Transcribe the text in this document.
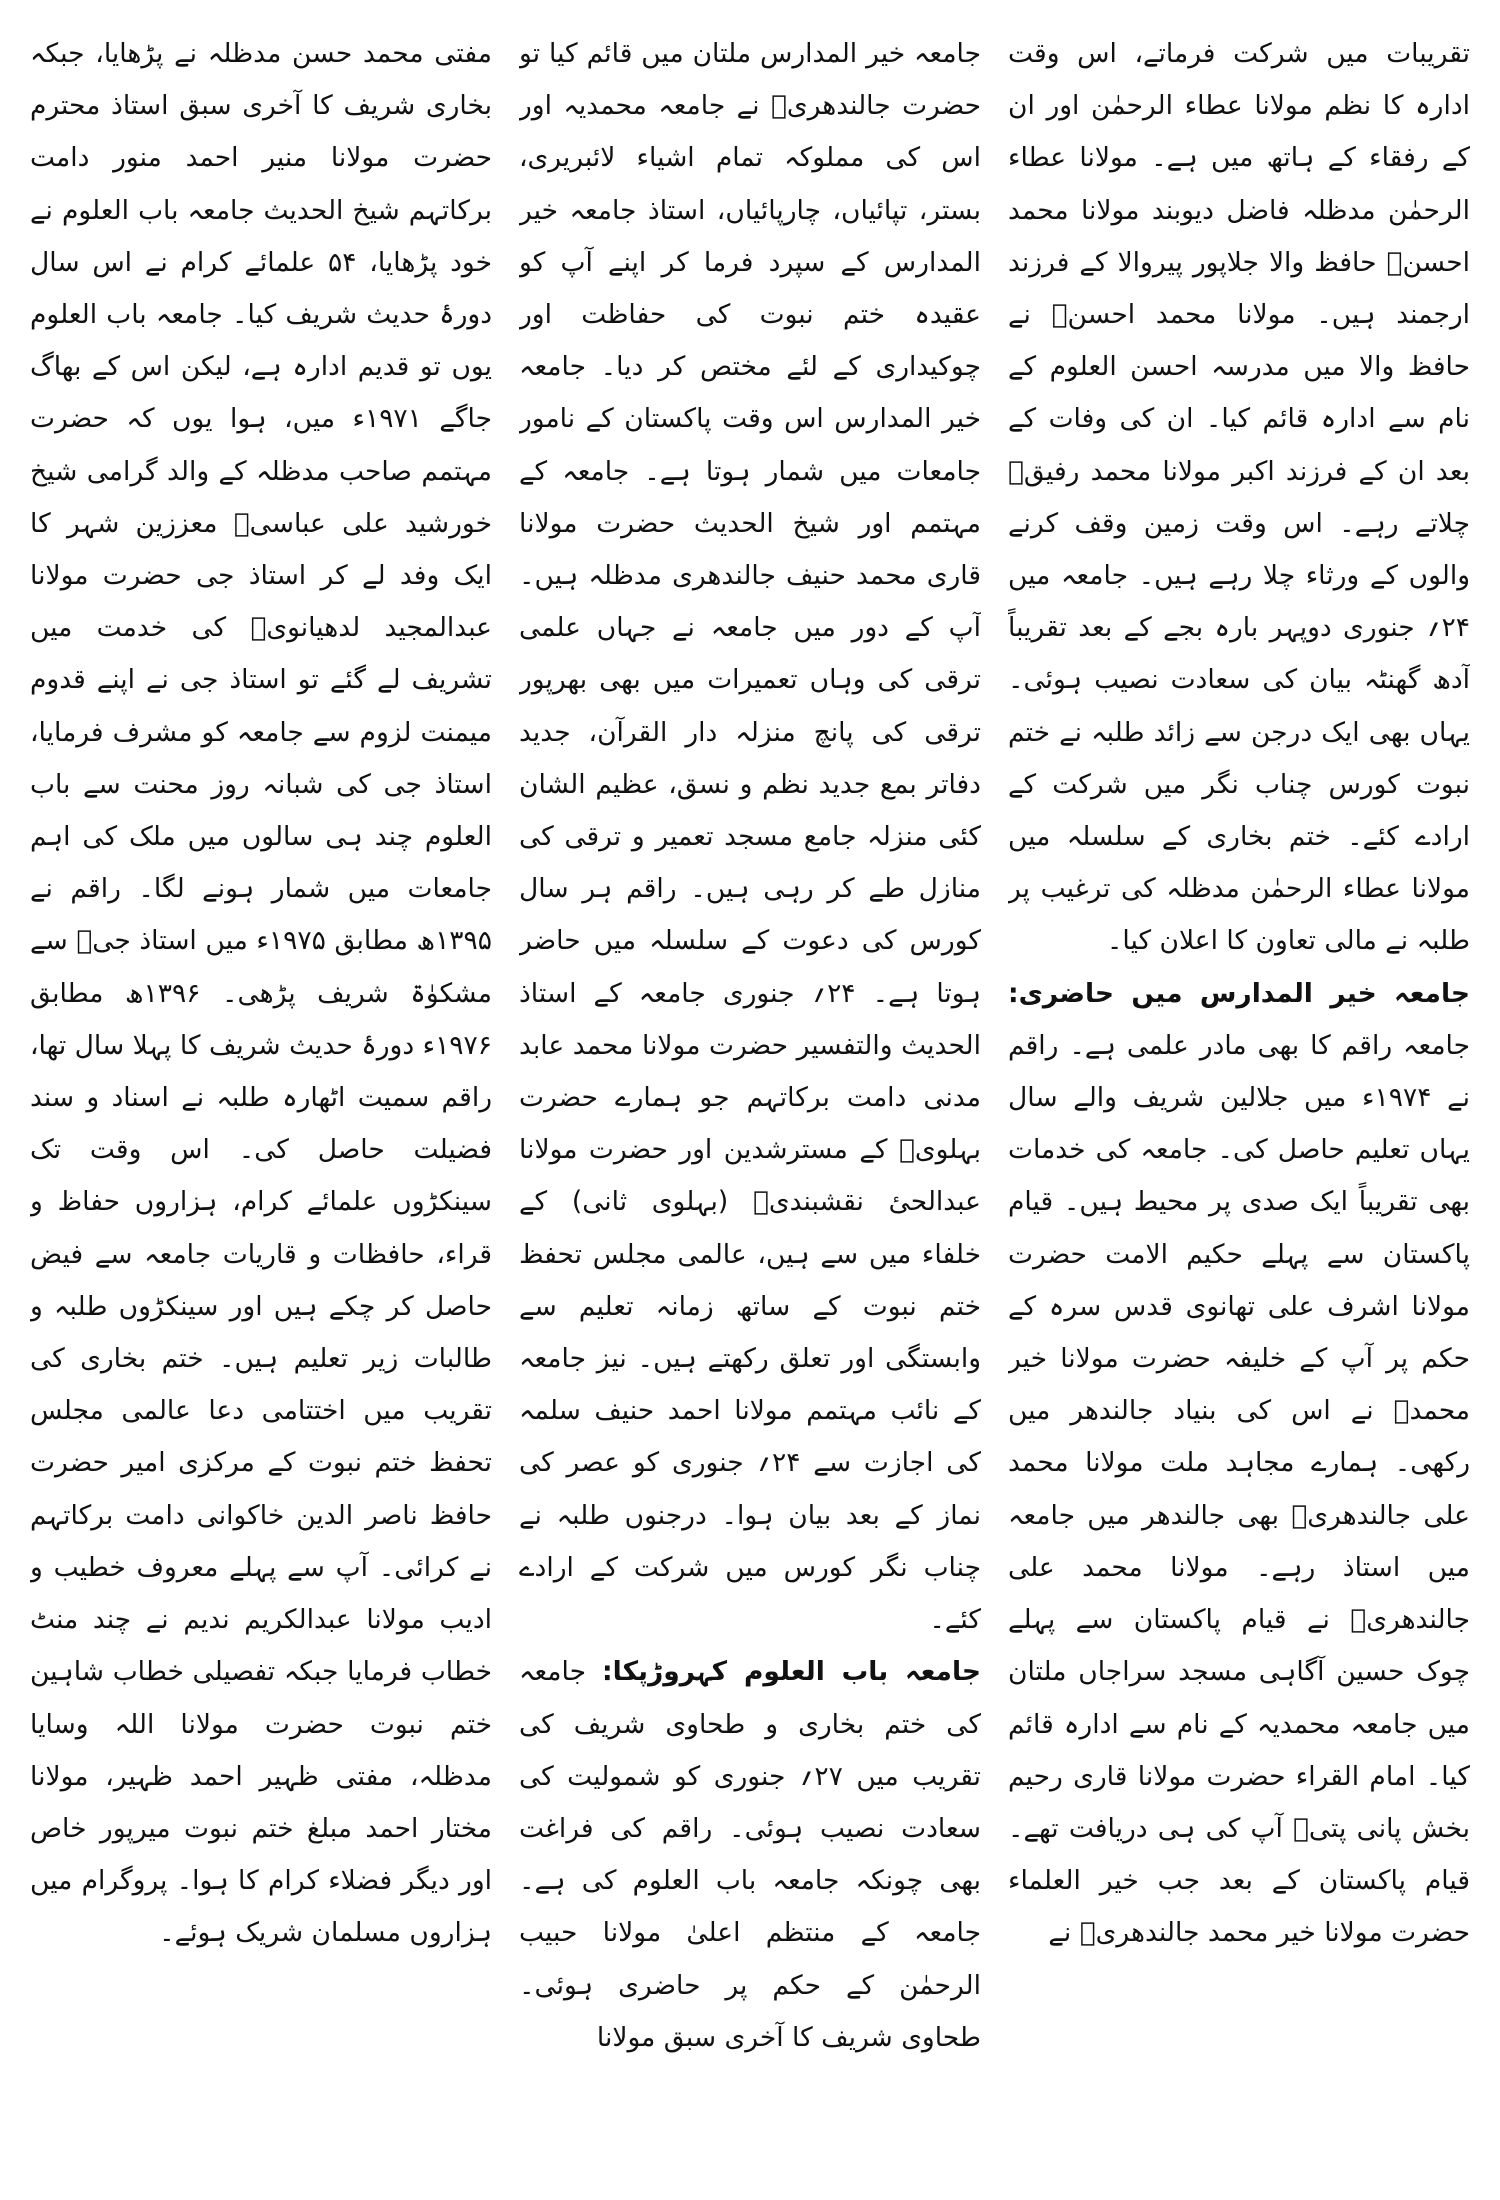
تقریبات میں شرکت فرماتے، اس وقت ادارہ کا نظم مولانا عطاء الرحمٰن اور ان کے رفقاء کے ہاتھ میں ہے۔ مولانا عطاء الرحمٰن مدظلہ فاضل دیوبند مولانا محمد احسنؒ حافظ والا جلاپور پیروالا کے فرزند ارجمند ہیں۔ مولانا محمد احسنؒ نے حافظ والا میں مدرسہ احسن العلوم کے نام سے ادارہ قائم کیا۔ ان کی وفات کے بعد ان کے فرزند اکبر مولانا محمد رفیقؒ چلاتے رہے۔ اس وقت زمین وقف کرنے والوں کے ورثاء چلا رہے ہیں۔ جامعہ میں ۲۴؍ جنوری دوپہر بارہ بجے کے بعد تقریباً آدھ گھنٹہ بیان کی سعادت نصیب ہوئی۔ یہاں بھی ایک درجن سے زائد طلبہ نے ختم نبوت کورس چناب نگر میں شرکت کے ارادے کئے۔ ختم بخاری کے سلسلہ میں مولانا عطاء الرحمٰن مدظلہ کی ترغیب پر طلبہ نے مالی تعاون کا اعلان کیا۔

جامعہ خیر المدارس میں حاضری: جامعہ راقم کا بھی مادر علمی ہے۔ راقم نے ۱۹۷۴ء میں جلالین شریف والے سال یہاں تعلیم حاصل کی۔ جامعہ کی خدمات بھی تقریباً ایک صدی پر محیط ہیں۔ قیام پاکستان سے پہلے حکیم الامت حضرت مولانا اشرف علی تھانوی قدس سرہ کے حکم پر آپ کے خلیفہ حضرت مولانا خیر محمدؒ نے اس کی بنیاد جالندھر میں رکھی۔ ہمارے مجاہد ملت مولانا محمد علی جالندھریؒ بھی جالندھر میں جامعہ میں استاذ رہے۔ مولانا محمد علی جالندھریؒ نے قیام پاکستان سے پہلے چوک حسین آگاہی مسجد سراجاں ملتان میں جامعہ محمدیہ کے نام سے ادارہ قائم کیا۔ امام القراء حضرت مولانا قاری رحیم بخش پانی پتیؒ آپ کی ہی دریافت تھے۔ قیام پاکستان کے بعد جب خیر العلماء حضرت مولانا خیر محمد جالندھریؒ نے

جامعہ خیر المدارس ملتان میں قائم کیا تو حضرت جالندھریؒ نے جامعہ محمدیہ اور اس کی مملوکہ تمام اشیاء لائبریری، بستر، تپائیاں، چارپائیاں، استاذ جامعہ خیر المدارس کے سپرد فرما کر اپنے آپ کو عقیدہ ختم نبوت کی حفاظت اور چوکیداری کے لئے مختص کر دیا۔ جامعہ خیر المدارس اس وقت پاکستان کے نامور جامعات میں شمار ہوتا ہے۔ جامعہ کے مہتمم اور شیخ الحدیث حضرت مولانا قاری محمد حنیف جالندھری مدظلہ ہیں۔ آپ کے دور میں جامعہ نے جہاں علمی ترقی کی وہاں تعمیرات میں بھی بھرپور ترقی کی پانچ منزلہ دار القرآن، جدید دفاتر بمع جدید نظم و نسق، عظیم الشان کئی منزلہ جامع مسجد تعمیر و ترقی کی منازل طے کر رہی ہیں۔ راقم ہر سال کورس کی دعوت کے سلسلہ میں حاضر ہوتا ہے۔ ۲۴؍ جنوری جامعہ کے استاذ الحدیث والتفسیر حضرت مولانا محمد عابد مدنی دامت برکاتہم جو ہمارے حضرت بہلویؒ کے مسترشدین اور حضرت مولانا عبدالحیٔ نقشبندیؒ (بہلوی ثانی) کے خلفاء میں سے ہیں، عالمی مجلس تحفظ ختم نبوت کے ساتھ زمانہ تعلیم سے وابستگی اور تعلق رکھتے ہیں۔ نیز جامعہ کے نائب مہتمم مولانا احمد حنیف سلمہ کی اجازت سے ۲۴؍ جنوری کو عصر کی نماز کے بعد بیان ہوا۔ درجنوں طلبہ نے چناب نگر کورس میں شرکت کے ارادے کئے۔

جامعہ باب العلوم کہروڑپکا: جامعہ کی ختم بخاری و طحاوی شریف کی تقریب میں ۲۷؍ جنوری کو شمولیت کی سعادت نصیب ہوئی۔ راقم کی فراغت بھی چونکہ جامعہ باب العلوم کی ہے۔ جامعہ کے منتظم اعلیٰ مولانا حبیب الرحمٰن کے حکم پر حاضری ہوئی۔ طحاوی شریف کا آخری سبق مولانا

مفتی محمد حسن مدظلہ نے پڑھایا، جبکہ بخاری شریف کا آخری سبق استاذ محترم حضرت مولانا منیر احمد منور دامت برکاتہم شیخ الحدیث جامعہ باب العلوم نے خود پڑھایا، ۵۴ علمائے کرام نے اس سال دورۂ حدیث شریف کیا۔ جامعہ باب العلوم یوں تو قدیم ادارہ ہے، لیکن اس کے بھاگ جاگے ۱۹۷۱ء میں، ہوا یوں کہ حضرت مہتمم صاحب مدظلہ کے والد گرامی شیخ خورشید علی عباسیؒ معززین شہر کا ایک وفد لے کر استاذ جی حضرت مولانا عبدالمجید لدھیانویؒ کی خدمت میں تشریف لے گئے تو استاذ جی نے اپنے قدوم میمنت لزوم سے جامعہ کو مشرف فرمایا، استاذ جی کی شبانہ روز محنت سے باب العلوم چند ہی سالوں میں ملک کی اہم جامعات میں شمار ہونے لگا۔ راقم نے ۱۳۹۵ھ مطابق ۱۹۷۵ء میں استاذ جیؒ سے مشکوٰۃ شریف پڑھی۔ ۱۳۹۶ھ مطابق ۱۹۷۶ء دورۂ حدیث شریف کا پہلا سال تھا، راقم سمیت اٹھارہ طلبہ نے اسناد و سند فضیلت حاصل کی۔ اس وقت تک سینکڑوں علمائے کرام، ہزاروں حفاظ و قراء، حافظات و قاریات جامعہ سے فیض حاصل کر چکے ہیں اور سینکڑوں طلبہ و طالبات زیر تعلیم ہیں۔ ختم بخاری کی تقریب میں اختتامی دعا عالمی مجلس تحفظ ختم نبوت کے مرکزی امیر حضرت حافظ ناصر الدین خاکوانی دامت برکاتہم نے کرائی۔ آپ سے پہلے معروف خطیب و ادیب مولانا عبدالکریم ندیم نے چند منٹ خطاب فرمایا جبکہ تفصیلی خطاب شاہین ختم نبوت حضرت مولانا اللہ وسایا مدظلہ، مفتی ظہیر احمد ظہیر، مولانا مختار احمد مبلغ ختم نبوت میرپور خاص اور دیگر فضلاء کرام کا ہوا۔ پروگرام میں ہزاروں مسلمان شریک ہوئے۔
